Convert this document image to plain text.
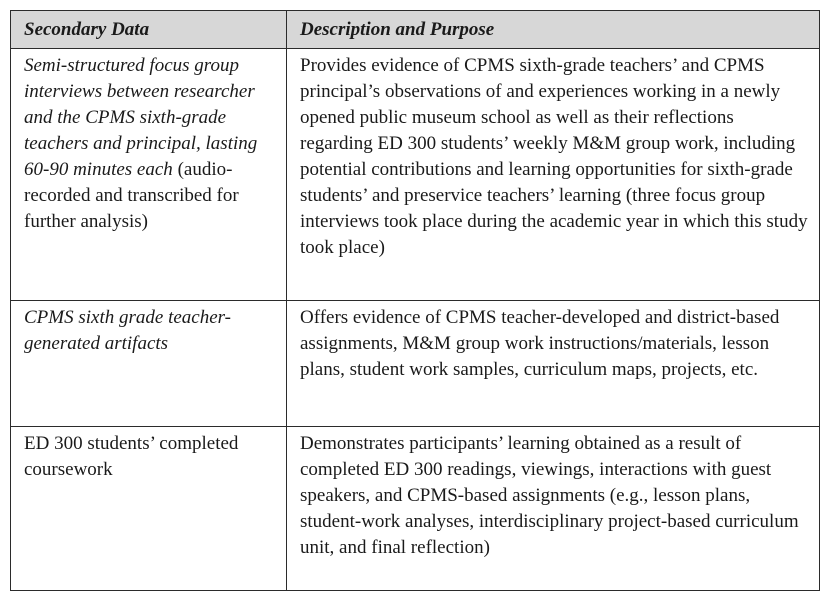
Secondary Data	Description and Purpose
Semi-structured focus group interviews between researcher and the CPMS sixth-grade teachers and principal, lasting 60-90 minutes each (audio-recorded and transcribed for further analysis)	Provides evidence of CPMS sixth-grade teachers’ and CPMS principal’s observations of and experiences working in a newly opened public museum school as well as their reflections regarding ED 300 students’ weekly M&M group work, including potential contributions and learning opportunities for sixth-grade students’ and preservice teachers’ learning (three focus group interviews took place during the academic year in which this study took place)
CPMS sixth grade teacher-generated artifacts	Offers evidence of CPMS teacher-developed and district-based assignments, M&M group work instructions/materials, lesson plans, student work samples, curriculum maps, projects, etc.
ED 300 students’ completed coursework	Demonstrates participants’ learning obtained as a result of completed ED 300 readings, viewings, interactions with guest speakers, and CPMS-based assignments (e.g., lesson plans, student-work analyses, interdisciplinary project-based curriculum unit, and final reflection)
